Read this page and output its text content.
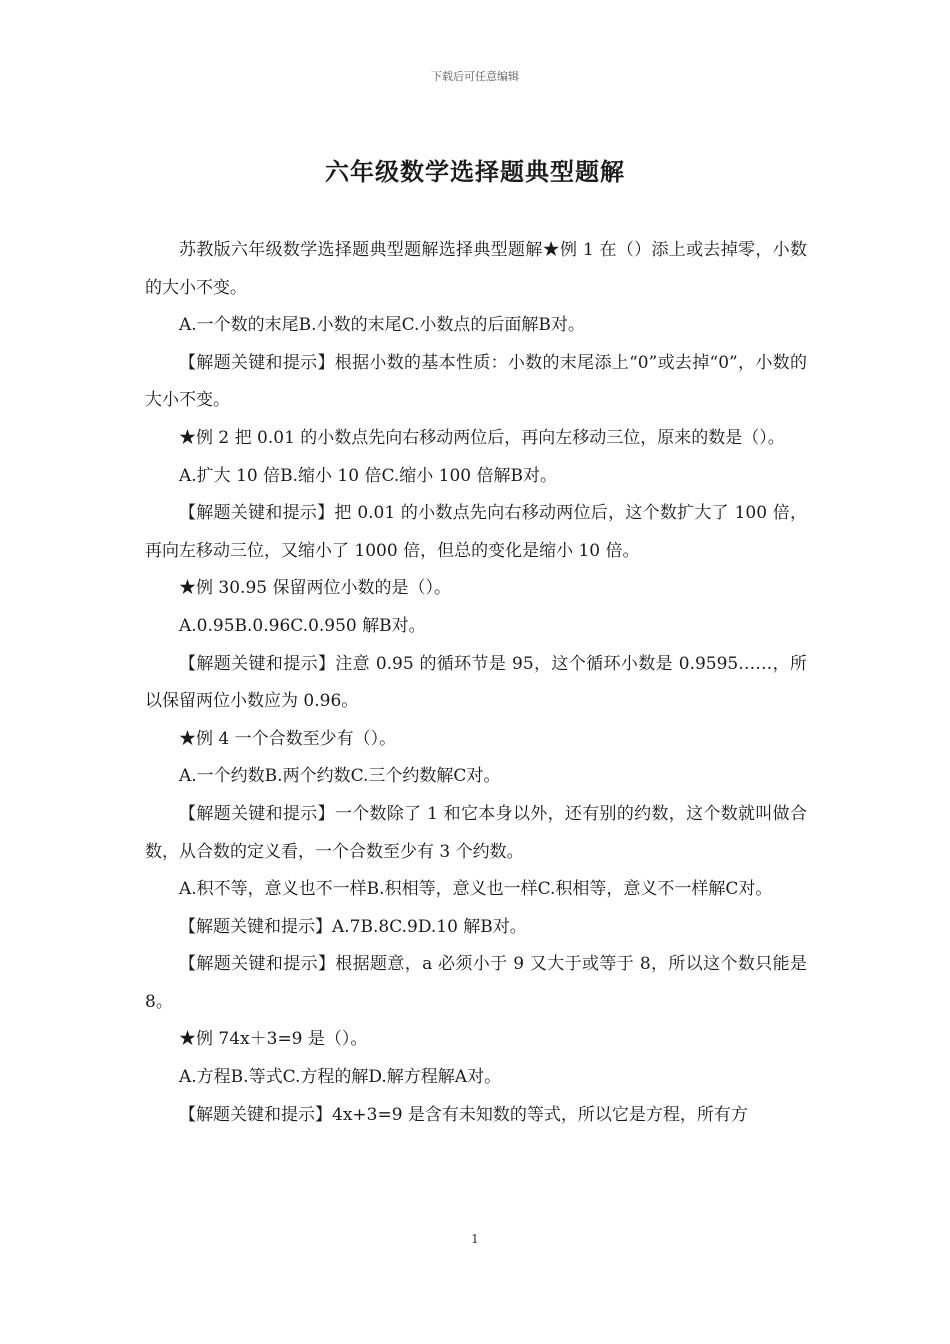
下载后可任意编辑
六年级数学选择题典型题解

苏教版六年级数学选择题典型题解选择典型题解★例 1 在（）添上或去掉零，小数的大小不变。

A.一个数的末尾B.小数的末尾C.小数点的后面解B对。

【解题关键和提示】根据小数的基本性质：小数的末尾添上“0”或去掉“0”，小数的大小不变。

★例 2 把 0.01 的小数点先向右移动两位后，再向左移动三位，原来的数是（）。

A.扩大 10 倍B.缩小 10 倍C.缩小 100 倍解B对。

【解题关键和提示】把 0.01 的小数点先向右移动两位后，这个数扩大了 100 倍，再向左移动三位，又缩小了 1000 倍，但总的变化是缩小 10 倍。

★例 30.95 保留两位小数的是（）。

A.0.95B.0.96C.0.950 解B对。

【解题关键和提示】注意 0.95 的循环节是 95，这个循环小数是 0.9595……，所以保留两位小数应为 0.96。

★例 4 一个合数至少有（）。

A.一个约数B.两个约数C.三个约数解C对。

【解题关键和提示】一个数除了 1 和它本身以外，还有别的约数，这个数就叫做合数，从合数的定义看，一个合数至少有 3 个约数。

A.积不等，意义也不一样B.积相等，意义也一样C.积相等，意义不一样解C对。

【解题关键和提示】A.7B.8C.9D.10 解B对。

【解题关键和提示】根据题意，a 必须小于 9 又大于或等于 8，所以这个数只能是 8。

★例 74x＋3=9 是（）。

A.方程B.等式C.方程的解D.解方程解A对。

【解题关键和提示】4x+3=9 是含有未知数的等式，所以它是方程，所有方

1
